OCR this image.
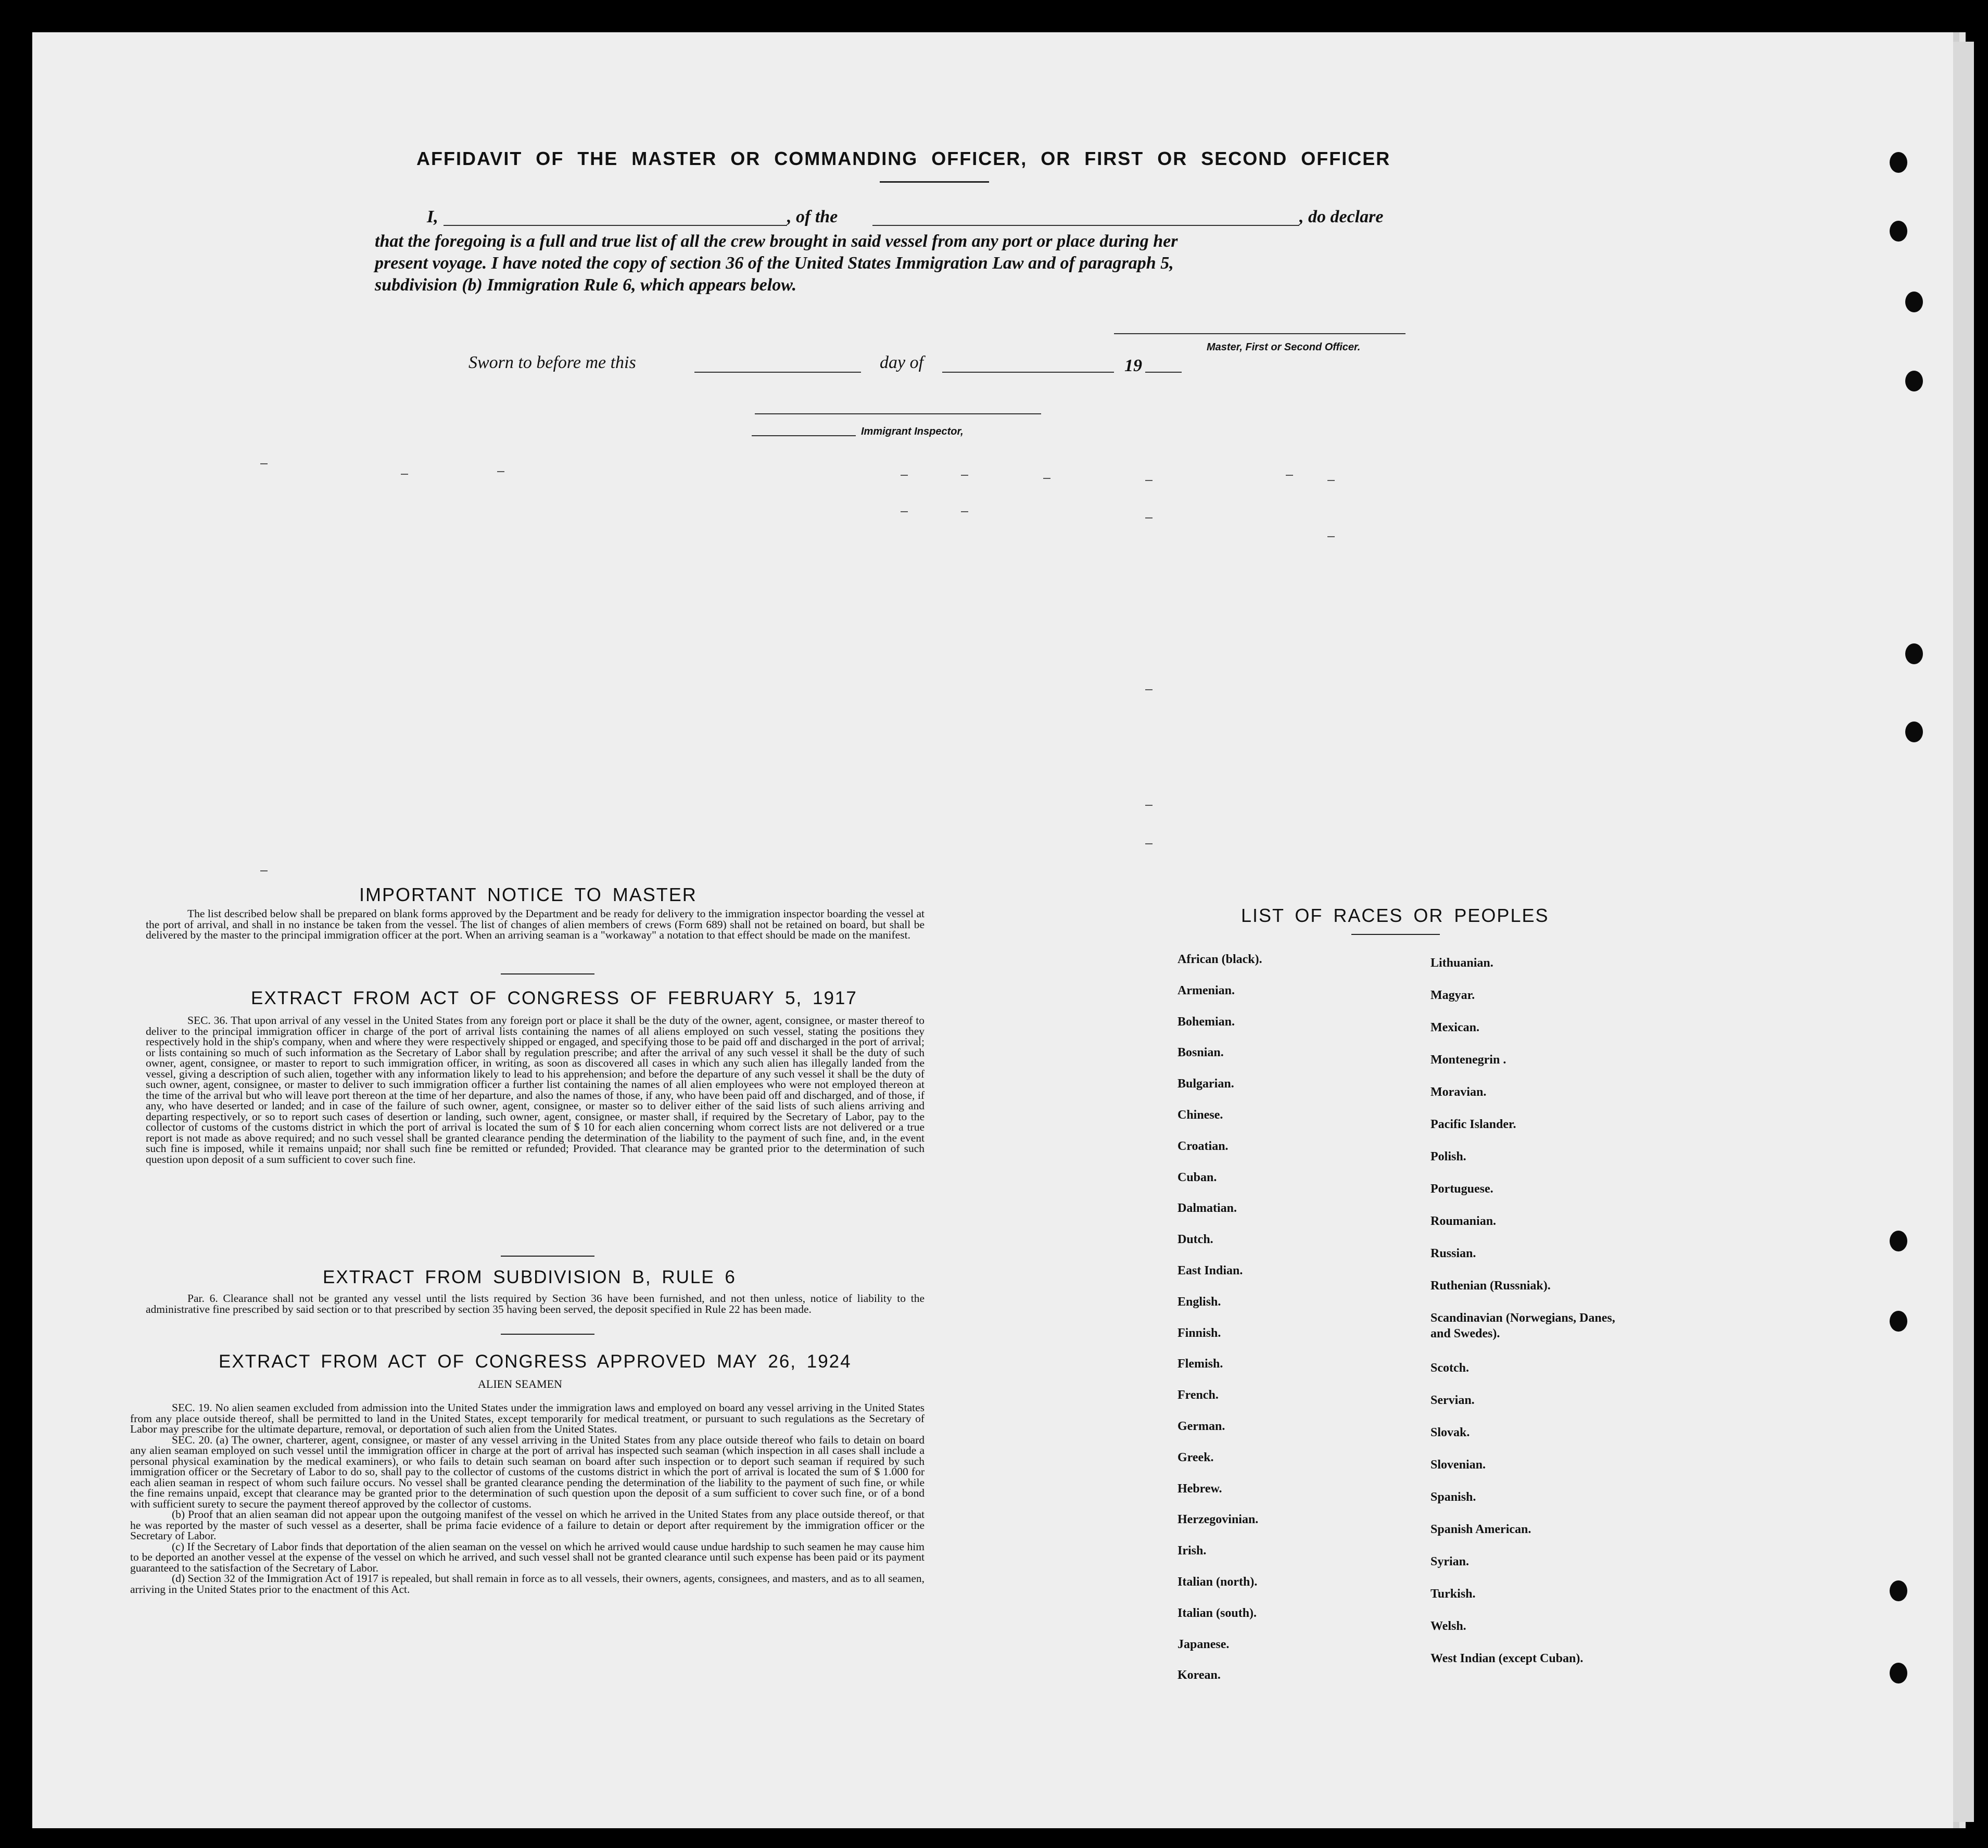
AFFIDAVIT OF THE MASTER OR COMMANDING OFFICER, OR FIRST OR SECOND OFFICER
I,	, of the	, do declare
that the foregoing is a full and true list of all the crew brought in said vessel from any port or place during her
present voyage. I have noted the copy of section 36 of the United States Immigration Law and of paragraph 5,
subdivision (b) Immigration Rule 6, which appears below.
Master, First or Second Officer.
Sworn to before me this	day of	19
Immigrant Inspector,
IMPORTANT NOTICE TO MASTER
The list described below shall be prepared on blank forms approved by the Department and be ready for delivery to the immigration inspector boarding the vessel at the port of arrival, and shall in no instance be taken from the vessel. The list of changes of alien members of crews (Form 689) shall not be retained on board, but shall be delivered by the master to the principal immigration officer at the port. When an arriving seaman is a "workaway" a notation to that effect should be made on the manifest.
EXTRACT FROM ACT OF CONGRESS OF FEBRUARY 5, 1917
SEC. 36. That upon arrival of any vessel in the United States from any foreign port or place it shall be the duty of the owner, agent, consignee, or master thereof to deliver to the principal immigration officer in charge of the port of arrival lists containing the names of all aliens employed on such vessel, stating the positions they respectively hold in the ship's company, when and where they were respectively shipped or engaged, and specifying those to be paid off and discharged in the port of arrival; or lists containing so much of such information as the Secretary of Labor shall by regulation prescribe; and after the arrival of any such vessel it shall be the duty of such owner, agent, consignee, or master to report to such immigration officer, in writing, as soon as discovered all cases in which any such alien has illegally landed from the vessel, giving a description of such alien, together with any information likely to lead to his apprehension; and before the departure of any such vessel it shall be the duty of such owner, agent, consignee, or master to deliver to such immigration officer a further list containing the names of all alien employees who were not employed thereon at the time of the arrival but who will leave port thereon at the time of her departure, and also the names of those, if any, who have been paid off and discharged, and of those, if any, who have deserted or landed; and in case of the failure of such owner, agent, consignee, or master so to deliver either of the said lists of such aliens arriving and departing respectively, or so to report such cases of desertion or landing, such owner, agent, consignee, or master shall, if required by the Secretary of Labor, pay to the collector of customs of the customs district in which the port of arrival is located the sum of $ 10 for each alien concerning whom correct lists are not delivered or a true report is not made as above required; and no such vessel shall be granted clearance pending the determination of the liability to the payment of such fine, and, in the event such fine is imposed, while it remains unpaid; nor shall such fine be remitted or refunded; Provided. That clearance may be granted prior to the determination of such question upon deposit of a sum sufficient to cover such fine.
EXTRACT FROM SUBDIVISION B, RULE 6
Par. 6. Clearance shall not be granted any vessel until the lists required by Section 36 have been furnished, and not then unless, notice of liability to the administrative fine prescribed by said section or to that prescribed by section 35 having been served, the deposit specified in Rule 22 has been made.
EXTRACT FROM ACT OF CONGRESS APPROVED MAY 26, 1924
ALIEN SEAMEN
SEC. 19. No alien seamen excluded from admission into the United States under the immigration laws and employed on board any vessel arriving in the United States from any place outside thereof, shall be permitted to land in the United States, except temporarily for medical treatment, or pursuant to such regulations as the Secretary of Labor may prescribe for the ultimate departure, removal, or deportation of such alien from the United States.
SEC. 20. (a) The owner, charterer, agent, consignee, or master of any vessel arriving in the United States from any place outside thereof who fails to detain on board any alien seaman employed on such vessel until the immigration officer in charge at the port of arrival has inspected such seaman (which inspection in all cases shall include a personal physical examination by the medical examiners), or who fails to detain such seaman on board after such inspection or to deport such seaman if required by such immigration officer or the Secretary of Labor to do so, shall pay to the collector of customs of the customs district in which the port of arrival is located the sum of $ 1.000 for each alien seaman in respect of whom such failure occurs. No vessel shall be granted clearance pending the determination of the liability to the payment of such fine, or while the fine remains unpaid, except that clearance may be granted prior to the determination of such question upon the deposit of a sum sufficient to cover such fine, or of a bond with sufficient surety to secure the payment thereof approved by the collector of customs.
(b) Proof that an alien seaman did not appear upon the outgoing manifest of the vessel on which he arrived in the United States from any place outside thereof, or that he was reported by the master of such vessel as a deserter, shall be prima facie evidence of a failure to detain or deport after requirement by the immigration officer or the Secretary of Labor.
(c) If the Secretary of Labor finds that deportation of the alien seaman on the vessel on which he arrived would cause undue hardship to such seamen he may cause him to be deported an another vessel at the expense of the vessel on which he arrived, and such vessel shall not be granted clearance until such expense has been paid or its payment guaranteed to the satisfaction of the Secretary of Labor.
(d) Section 32 of the Immigration Act of 1917 is repealed, but shall remain in force as to all vessels, their owners, agents, consignees, and masters, and as to all seamen, arriving in the United States prior to the enactment of this Act.
LIST OF RACES OR PEOPLES
African (black).
Armenian.
Bohemian.
Bosnian.
Bulgarian.
Chinese.
Croatian.
Cuban.
Dalmatian.
Dutch.
East Indian.
English.
Finnish.
Flemish.
French.
German.
Greek.
Hebrew.
Herzegovinian.
Irish.
Italian (north).
Italian (south).
Japanese.
Korean.
Lithuanian.
Magyar.
Mexican.
Montenegrin .
Moravian.
Pacific Islander.
Polish.
Portuguese.
Roumanian.
Russian.
Ruthenian (Russniak).
Scandinavian (Norwegians, Danes, and Swedes).
Scotch.
Servian.
Slovak.
Slovenian.
Spanish.
Spanish American.
Syrian.
Turkish.
Welsh.
West Indian (except Cuban).
